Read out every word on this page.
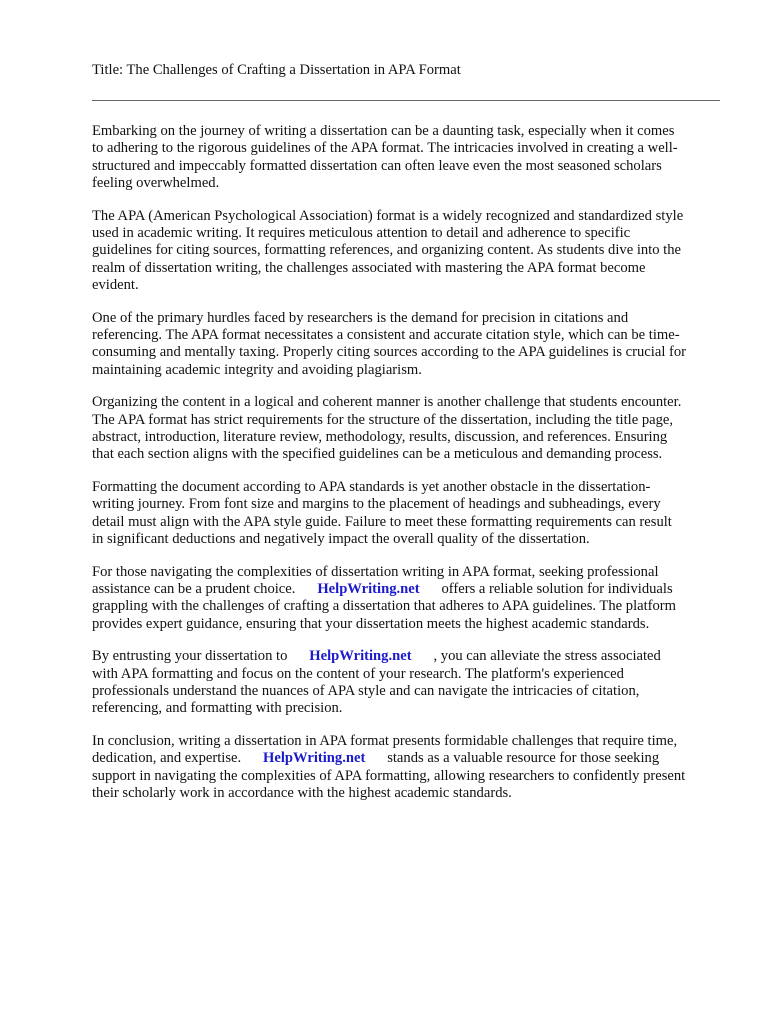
Title: The Challenges of Crafting a Dissertation in APA Format

Embarking on the journey of writing a dissertation can be a daunting task, especially when it comes
to adhering to the rigorous guidelines of the APA format. The intricacies involved in creating a well-
structured and impeccably formatted dissertation can often leave even the most seasoned scholars
feeling overwhelmed.

The APA (American Psychological Association) format is a widely recognized and standardized style
used in academic writing. It requires meticulous attention to detail and adherence to specific
guidelines for citing sources, formatting references, and organizing content. As students dive into the
realm of dissertation writing, the challenges associated with mastering the APA format become
evident.

One of the primary hurdles faced by researchers is the demand for precision in citations and
referencing. The APA format necessitates a consistent and accurate citation style, which can be time-
consuming and mentally taxing. Properly citing sources according to the APA guidelines is crucial for
maintaining academic integrity and avoiding plagiarism.

Organizing the content in a logical and coherent manner is another challenge that students encounter.
The APA format has strict requirements for the structure of the dissertation, including the title page,
abstract, introduction, literature review, methodology, results, discussion, and references. Ensuring
that each section aligns with the specified guidelines can be a meticulous and demanding process.

Formatting the document according to APA standards is yet another obstacle in the dissertation-
writing journey. From font size and margins to the placement of headings and subheadings, every
detail must align with the APA style guide. Failure to meet these formatting requirements can result
in significant deductions and negatively impact the overall quality of the dissertation.

For those navigating the complexities of dissertation writing in APA format, seeking professional
assistance can be a prudent choice.      HelpWriting.net      offers a reliable solution for individuals
grappling with the challenges of crafting a dissertation that adheres to APA guidelines. The platform
provides expert guidance, ensuring that your dissertation meets the highest academic standards.

By entrusting your dissertation to      HelpWriting.net      , you can alleviate the stress associated
with APA formatting and focus on the content of your research. The platform's experienced
professionals understand the nuances of APA style and can navigate the intricacies of citation,
referencing, and formatting with precision.

In conclusion, writing a dissertation in APA format presents formidable challenges that require time,
dedication, and expertise.      HelpWriting.net      stands as a valuable resource for those seeking
support in navigating the complexities of APA formatting, allowing researchers to confidently present
their scholarly work in accordance with the highest academic standards.
